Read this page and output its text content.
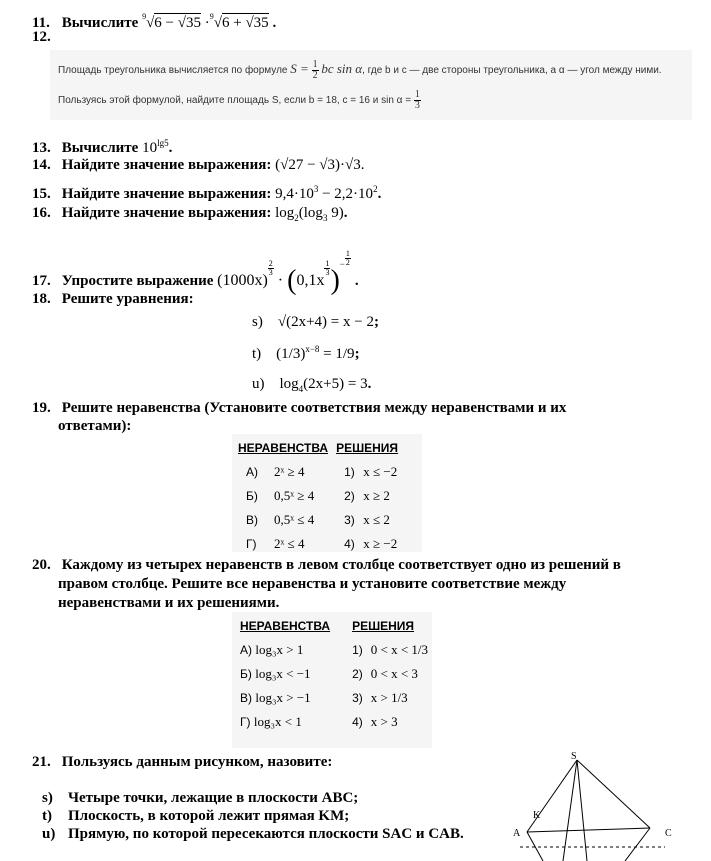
11. Вычислите $^9$√6 − √35 ·$^9$√6 + √35 .
12.
Площадь треугольника вычисляется по формуле $S = \frac{1}{2}$ bc sin α, где b и c — две стороны треугольника, а α — угол между ними.
Пользуясь этой формулой, найдите площадь S, если b = 18, c = 16 и $\sin \alpha = \frac{1}{3}$
13. Вычислите $10^{lg5}$.
14. Найдите значение выражения: (√27 − √3)·√3.
15. Найдите значение выражения: $9,4\cdot 10^3 - 2,2\cdot 10^2$.
16. Найдите значение выражения: $\log_2(\log_3$ 9).
17. Упростите выражение (1000x)
$\frac{2}{3}$
· (0,1x
$\frac{1}{3} )^- \frac{1}{2}$
.
18. Решите уравнения:
s) √(2x+4) = x − 2;
t) $(1/3)^{x-8} = 1/9$;
u) $\log_4(2x+5) = 3$.
19. Решите неравенства (Установите соответствия между неравенствами и их
ответами):
НЕРАВЕНСТВА		РЕШЕНИЯ	
А)	2ˣ ≥ 4	1)	x ≤ −2
Б)	0,5ˣ ≥ 4	2)	x ≥ 2
В)	0,5ˣ ≤ 4	3)	x ≤ 2
Г)	2ˣ ≤ 4	4)	x ≥ −2
20. Каждому из четырех неравенств в левом столбце соответствует одно из решений в
правом столбце. Решите все неравенства и установите соответствие между
неравенствами и их решениями.
НЕРАВЕНСТВА	РЕШЕНИЯ	
А) log₃x > 1	1)	0 < x < 1/3
Б) log₃x < −1	2)	0 < x < 3
В) log₃x > −1	3)	x > 1/3
Г) log₃x < 1	4)	x > 3
21. Пользуясь данным рисунком, назовите:
s) Четыре точки, лежащие в плоскости ABC;
t) Плоскость, в которой лежит прямая KM;
u) Прямую, по которой пересекаются плоскости SAC и CAB.
S
K
A	C
